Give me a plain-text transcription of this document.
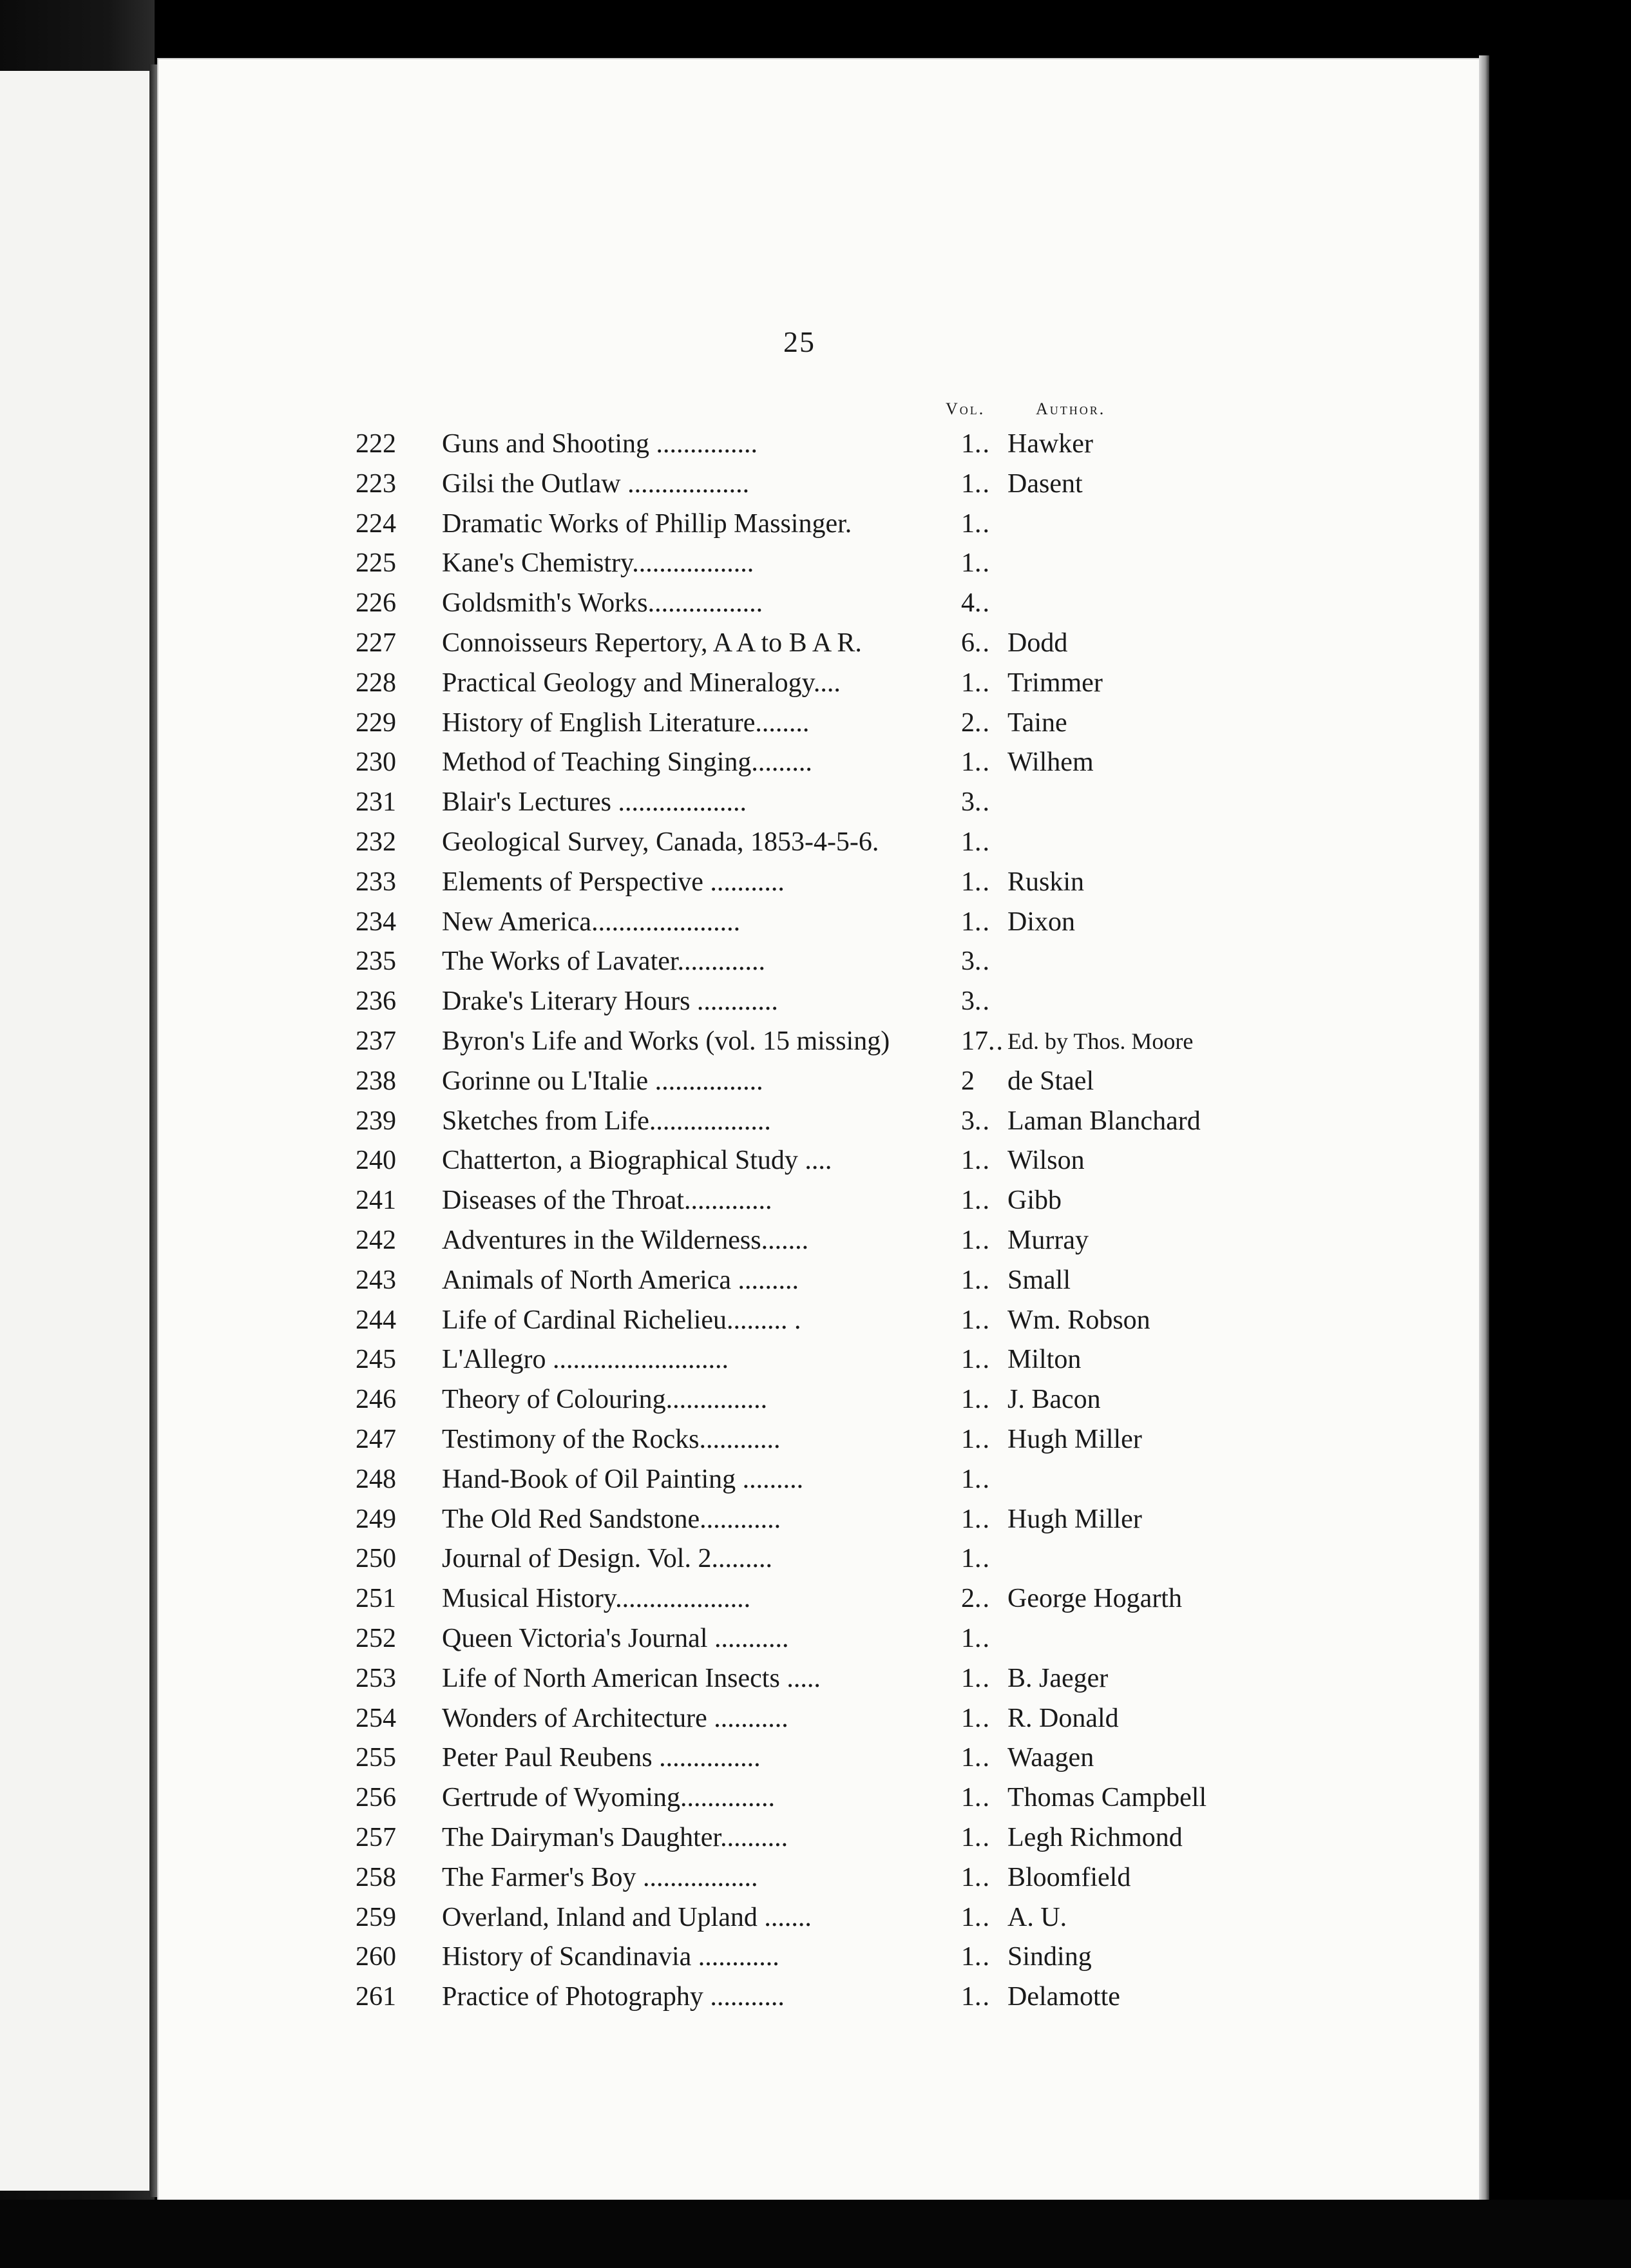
25
Vol.	Author.
222	Guns and Shooting ...............	1.. Hawker
223	Gilsi the Outlaw ..................	1.. Dasent
224	Dramatic Works of Phillip Massinger.	1..
225	Kane's Chemistry..................	1..
226	Goldsmith's Works.................	4..
227	Connoisseurs Repertory, A A to B A R.	6.. Dodd
228	Practical Geology and Mineralogy....	1.. Trimmer
229	History of English Literature........	2.. Taine
230	Method of Teaching Singing.........	1.. Wilhem
231	Blair's Lectures ...................	3..
232	Geological Survey, Canada, 1853-4-5-6.	1..
233	Elements of Perspective ...........	1.. Ruskin
234	New America......................	1.. Dixon
235	The Works of Lavater.............	3..
236	Drake's Literary Hours ............	3..
237	Byron's Life and Works (vol. 15 missing)	17.. Ed. by Thos. Moore
238	Gorinne ou L'Italie ................	2 de Stael
239	Sketches from Life..................	3.. Laman Blanchard
240	Chatterton, a Biographical Study ....	1.. Wilson
241	Diseases of the Throat.............	1.. Gibb
242	Adventures in the Wilderness.......	1.. Murray
243	Animals of North America .........	1.. Small
244	Life of Cardinal Richelieu......... .	1.. Wm. Robson
245	L'Allegro ..........................	1.. Milton
246	Theory of Colouring...............	1.. J. Bacon
247	Testimony of the Rocks............	1.. Hugh Miller
248	Hand-Book of Oil Painting .........	1..
249	The Old Red Sandstone............	1.. Hugh Miller
250	Journal of Design. Vol. 2.........	1..
251	Musical History....................	2.. George Hogarth
252	Queen Victoria's Journal ...........	1..
253	Life of North American Insects .....	1.. B. Jaeger
254	Wonders of Architecture ...........	1.. R. Donald
255	Peter Paul Reubens ...............	1.. Waagen
256	Gertrude of Wyoming..............	1.. Thomas Campbell
257	The Dairyman's Daughter..........	1.. Legh Richmond
258	The Farmer's Boy .................	1.. Bloomfield
259	Overland, Inland and Upland .......	1.. A. U.
260	History of Scandinavia ............	1.. Sinding
261	Practice of Photography ...........	1.. Delamotte
